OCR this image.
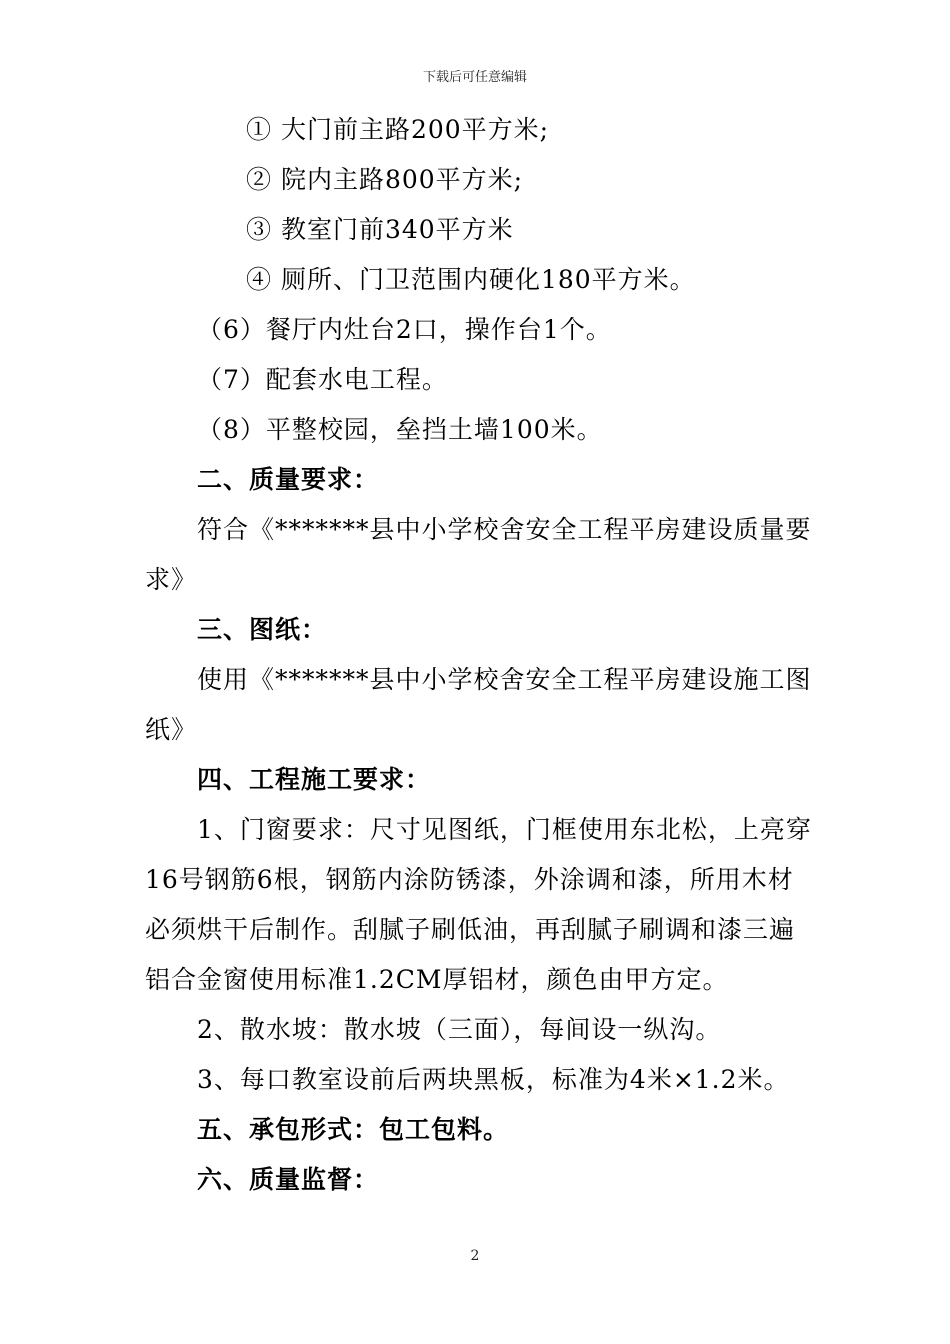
下载后可任意编辑
① 大门前主路200平方米;
② 院内主路800平方米;
③ 教室门前340平方米
④ 厕所、门卫范围内硬化180平方米。
（6）餐厅内灶台2口，操作台1个。
（7）配套水电工程。
（8）平整校园，垒挡土墙100米。
二、质量要求：
符合《*******县中小学校舍安全工程平房建设质量要
求》
三、图纸：
使用《*******县中小学校舍安全工程平房建设施工图
纸》
四、工程施工要求：
1、门窗要求：尺寸见图纸，门框使用东北松，上亮穿
16号钢筋6根，钢筋内涂防锈漆，外涂调和漆，所用木材
必须烘干后制作。刮腻子刷低油，再刮腻子刷调和漆三遍
铝合金窗使用标准1.2CM厚铝材，颜色由甲方定。
2、散水坡：散水坡（三面），每间设一纵沟。
3、每口教室设前后两块黑板，标准为4米×1.2米。
五、承包形式：包工包料。
六、质量监督：
2
